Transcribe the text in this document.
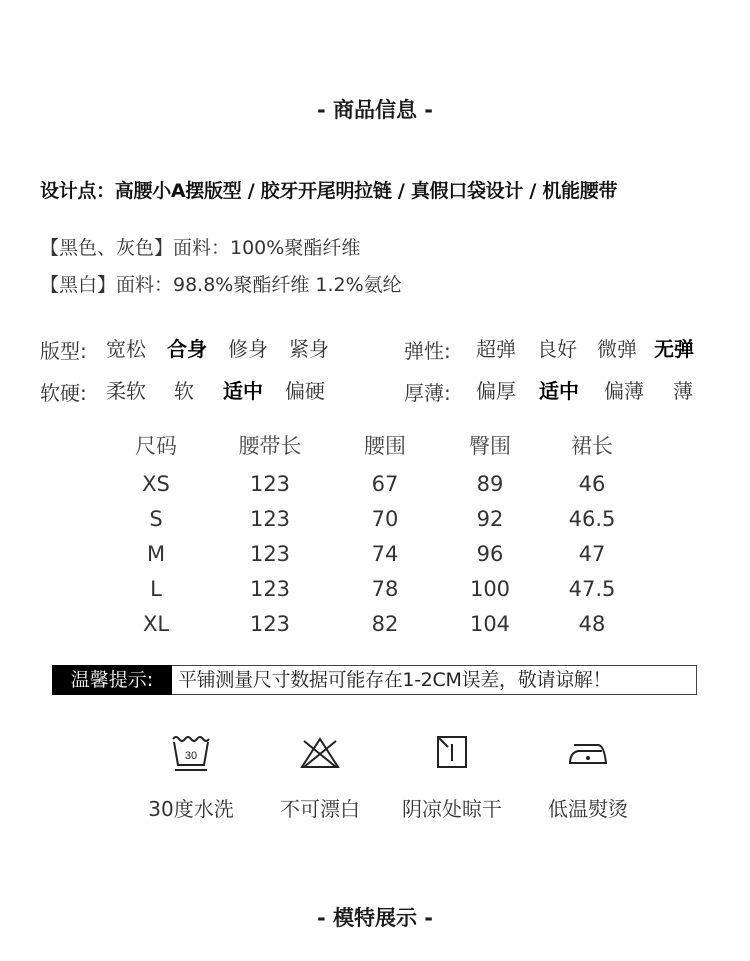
- 商品信息 -
设计点：高腰小A摆版型 / 胶牙开尾明拉链 / 真假口袋设计 / 机能腰带
【黑色、灰色】面料：100%聚酯纤维
【黑白】面料：98.8%聚酯纤维 1.2%氨纶
版型: 宽松 合身 修身 紧身	弹性: 超弹 良好 微弹 无弹
软硬: 柔软 软 适中 偏硬	厚薄: 偏厚 适中 偏薄 薄
尺码	腰带长	腰围	臀围	裙长
XS	123	67	89	46
S	123	70	92	46.5
M	123	74	96	47
L	123	78	100	47.5
XL	123	82	104	48
温馨提示:	平铺测量尺寸数据可能存在1-2CM误差，敬请谅解！
30
30度水洗	不可漂白	阴凉处晾干	低温熨烫
- 模特展示 -
